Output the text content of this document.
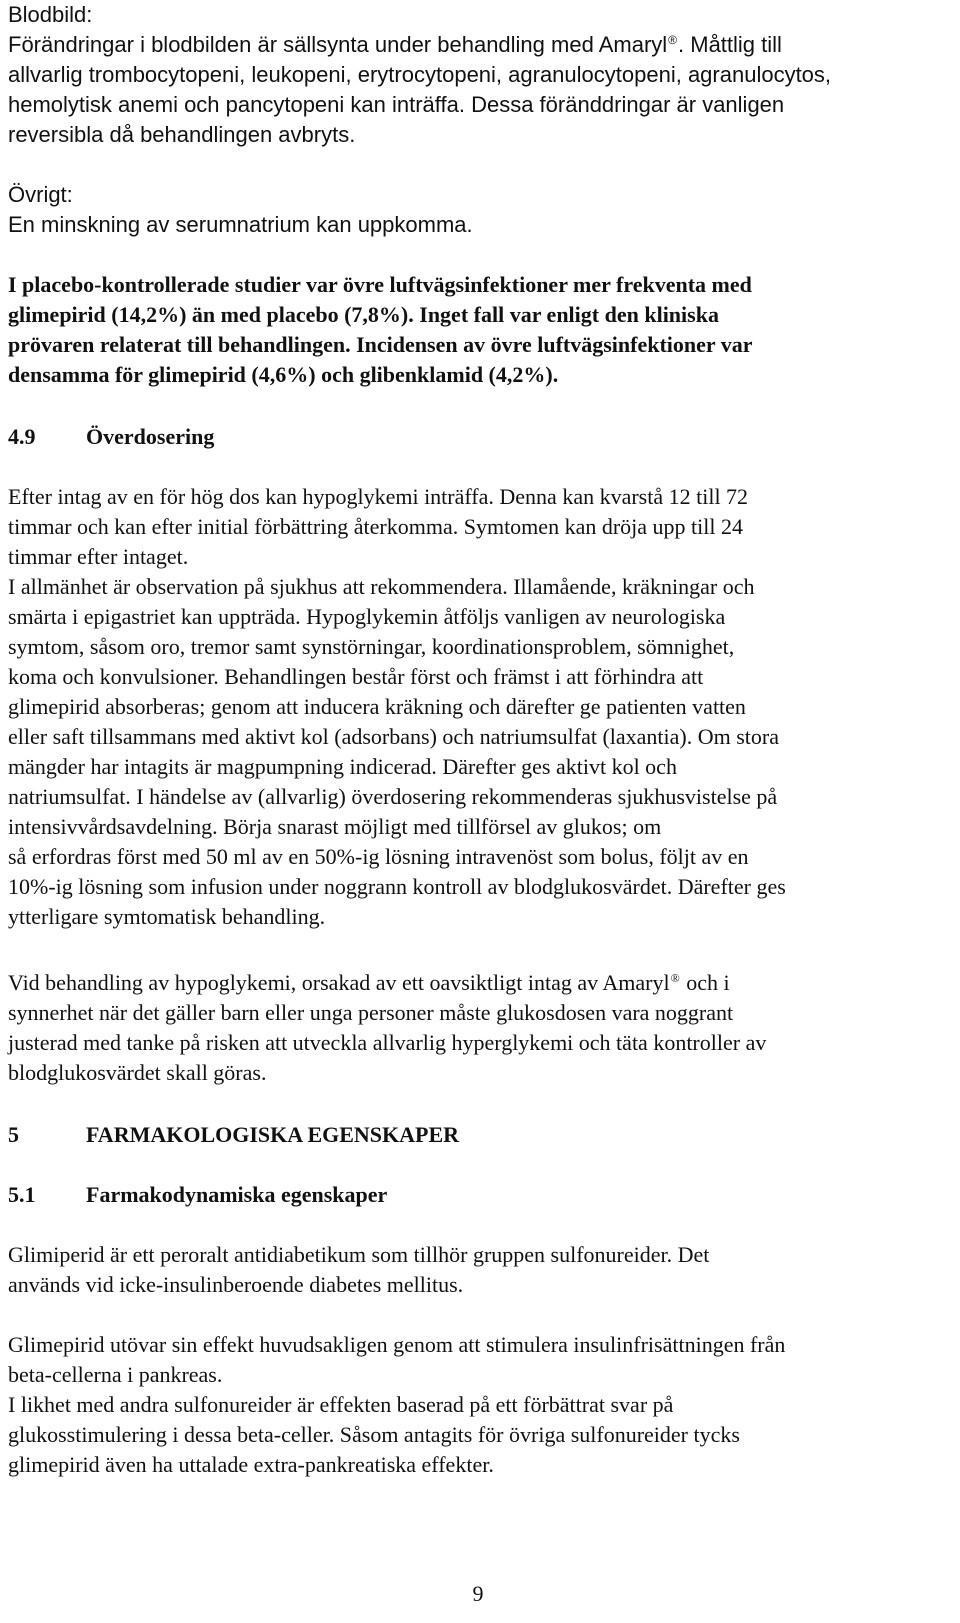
Blodbild:
Förändringar i blodbilden är sällsynta under behandling med Amaryl®. Måttlig till
allvarlig trombocytopeni, leukopeni, erytrocytopeni, agranulocytopeni, agranulocytos,
hemolytisk anemi och pancytopeni kan inträffa. Dessa föränddringar är vanligen
reversibla då behandlingen avbryts.
Övrigt:
En minskning av serumnatrium kan uppkomma.
I placebo-kontrollerade studier var övre luftvägsinfektioner mer frekventa med
glimepirid (14,2%) än med placebo (7,8%). Inget fall var enligt den kliniska
prövaren relaterat till behandlingen. Incidensen av övre luftvägsinfektioner var
densamma för glimepirid (4,6%) och glibenklamid (4,2%).
4.9 Överdosering
Efter intag av en för hög dos kan hypoglykemi inträffa. Denna kan kvarstå 12 till 72
timmar och kan efter initial förbättring återkomma. Symtomen kan dröja upp till 24
timmar efter intaget.
I allmänhet är observation på sjukhus att rekommendera. Illamående, kräkningar och
smärta i epigastriet kan uppträda. Hypoglykemin åtföljs vanligen av neurologiska
symtom, såsom oro, tremor samt synstörningar, koordinationsproblem, sömnighet,
koma och konvulsioner. Behandlingen består först och främst i att förhindra att
glimepirid absorberas; genom att inducera kräkning och därefter ge patienten vatten
eller saft tillsammans med aktivt kol (adsorbans) och natriumsulfat (laxantia). Om stora
mängder har intagits är magpumpning indicerad. Därefter ges aktivt kol och
natriumsulfat. I händelse av (allvarlig) överdosering rekommenderas sjukhusvistelse på
intensivvårdsavdelning. Börja snarast möjligt med tillförsel av glukos; om
så erfordras först med 50 ml av en 50%-ig lösning intravenöst som bolus, följt av en
10%-ig lösning som infusion under noggrann kontroll av blodglukosvärdet. Därefter ges
ytterligare symtomatisk behandling.
Vid behandling av hypoglykemi, orsakad av ett oavsiktligt intag av Amaryl® och i
synnerhet när det gäller barn eller unga personer måste glukosdosen vara noggrant
justerad med tanke på risken att utveckla allvarlig hyperglykemi och täta kontroller av
blodglukosvärdet skall göras.
5	FARMAKOLOGISKA EGENSKAPER
5.1 Farmakodynamiska egenskaper
Glimiperid är ett peroralt antidiabetikum som tillhör gruppen sulfonureider. Det
används vid icke-insulinberoende diabetes mellitus.
Glimepirid utövar sin effekt huvudsakligen genom att stimulera insulinfrisättningen från
beta-cellerna i pankreas.
I likhet med andra sulfonureider är effekten baserad på ett förbättrat svar på
glukosstimulering i dessa beta-celler. Såsom antagits för övriga sulfonureider tycks
glimepirid även ha uttalade extra-pankreatiska effekter.
9
